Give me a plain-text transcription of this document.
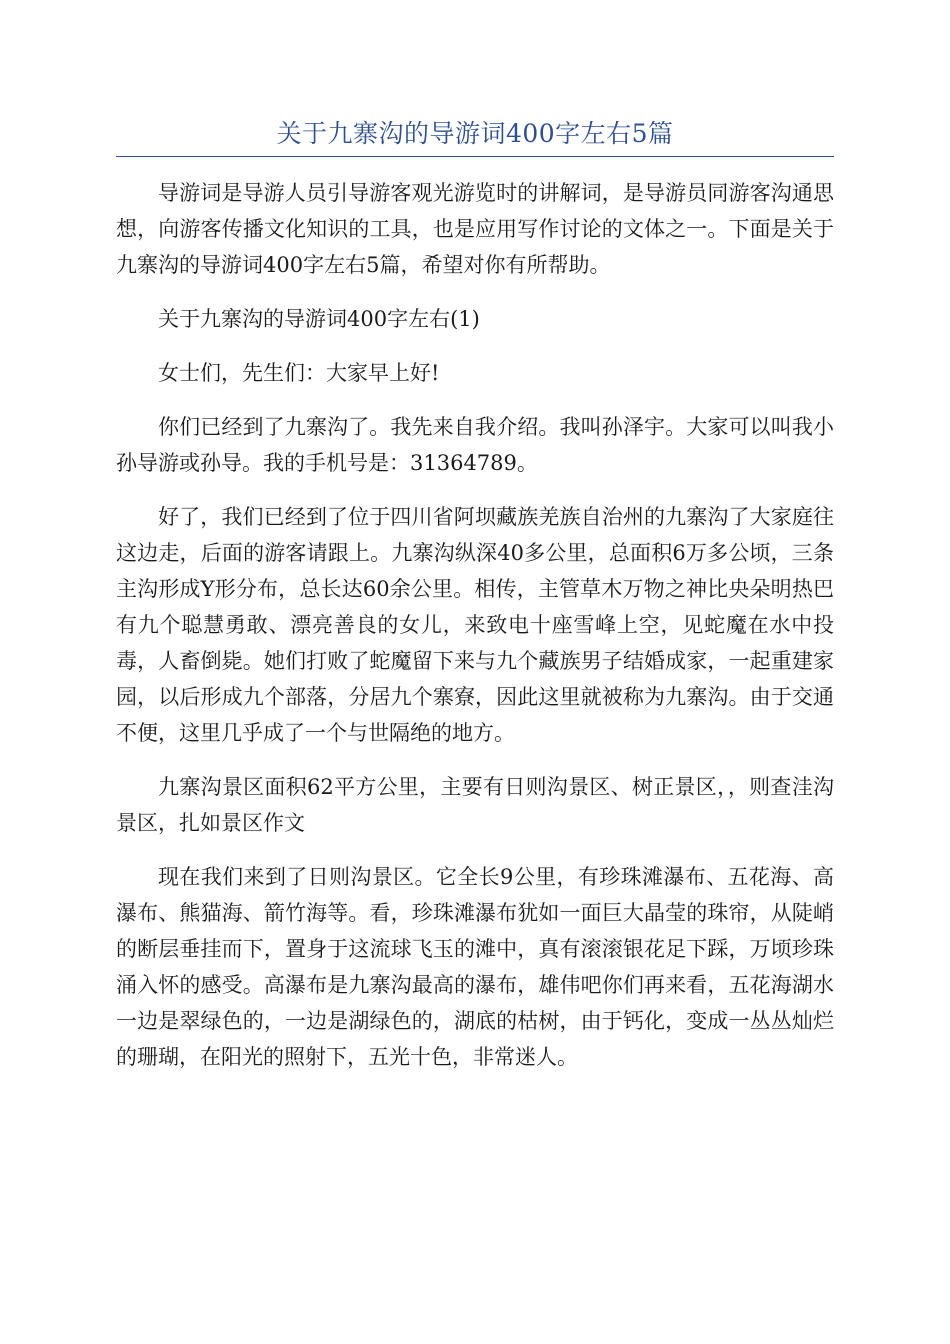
关于九寨沟的导游词400字左右5篇

导游词是导游人员引导游客观光游览时的讲解词，是导游员同游客沟通思想，向游客传播文化知识的工具，也是应用写作讨论的文体之一。下面是关于九寨沟的导游词400字左右5篇，希望对你有所帮助。

关于九寨沟的导游词400字左右(1)

女士们，先生们：大家早上好!

你们已经到了九寨沟了。我先来自我介绍。我叫孙泽宇。大家可以叫我小孙导游或孙导。我的手机号是：31364789。

好了，我们已经到了位于四川省阿坝藏族羌族自治州的九寨沟了大家庭往这边走，后面的游客请跟上。九寨沟纵深40多公里，总面积6万多公顷，三条主沟形成Y形分布，总长达60余公里。相传，主管草木万物之神比央朵明热巴有九个聪慧勇敢、漂亮善良的女儿，来致电十座雪峰上空，见蛇魔在水中投毒，人畜倒毙。她们打败了蛇魔留下来与九个藏族男子结婚成家，一起重建家园，以后形成九个部落，分居九个寨寮，因此这里就被称为九寨沟。由于交通不便，这里几乎成了一个与世隔绝的地方。

九寨沟景区面积62平方公里，主要有日则沟景区、树正景区，，则查洼沟景区，扎如景区作文

现在我们来到了日则沟景区。它全长9公里，有珍珠滩瀑布、五花海、高瀑布、熊猫海、箭竹海等。看，珍珠滩瀑布犹如一面巨大晶莹的珠帘，从陡峭的断层垂挂而下，置身于这流球飞玉的滩中，真有滚滚银花足下踩，万顷珍珠涌入怀的感受。高瀑布是九寨沟最高的瀑布，雄伟吧你们再来看，五花海湖水一边是翠绿色的，一边是湖绿色的，湖底的枯树，由于钙化，变成一丛丛灿烂的珊瑚，在阳光的照射下，五光十色，非常迷人。
